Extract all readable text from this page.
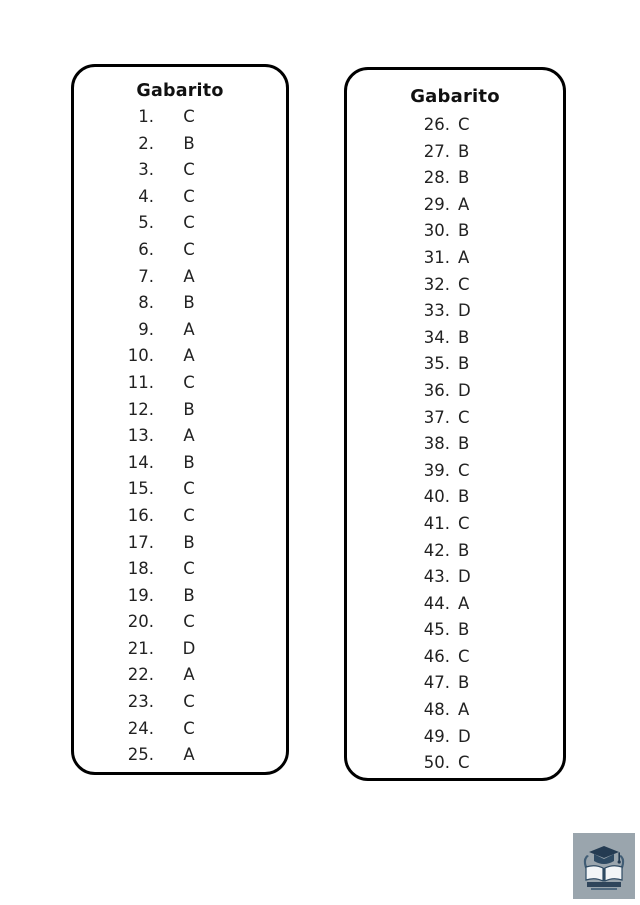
Gabarito
1.	C
2.	B
3.	C
4.	C
5.	C
6.	C
7.	A
8.	B
9.	A
10.	A
11.	C
12.	B
13.	A
14.	B
15.	C
16.	C
17.	B
18.	C
19.	B
20.	C
21.	D
22.	A
23.	C
24.	C
25.	A
Gabarito
26. C
27. B
28. B
29. A
30. B
31. A
32. C
33. D
34. B
35. B
36. D
37. C
38. B
39. C
40. B
41. C
42. B
43. D
44. A
45. B
46. C
47. B
48. A
49. D
50. C
